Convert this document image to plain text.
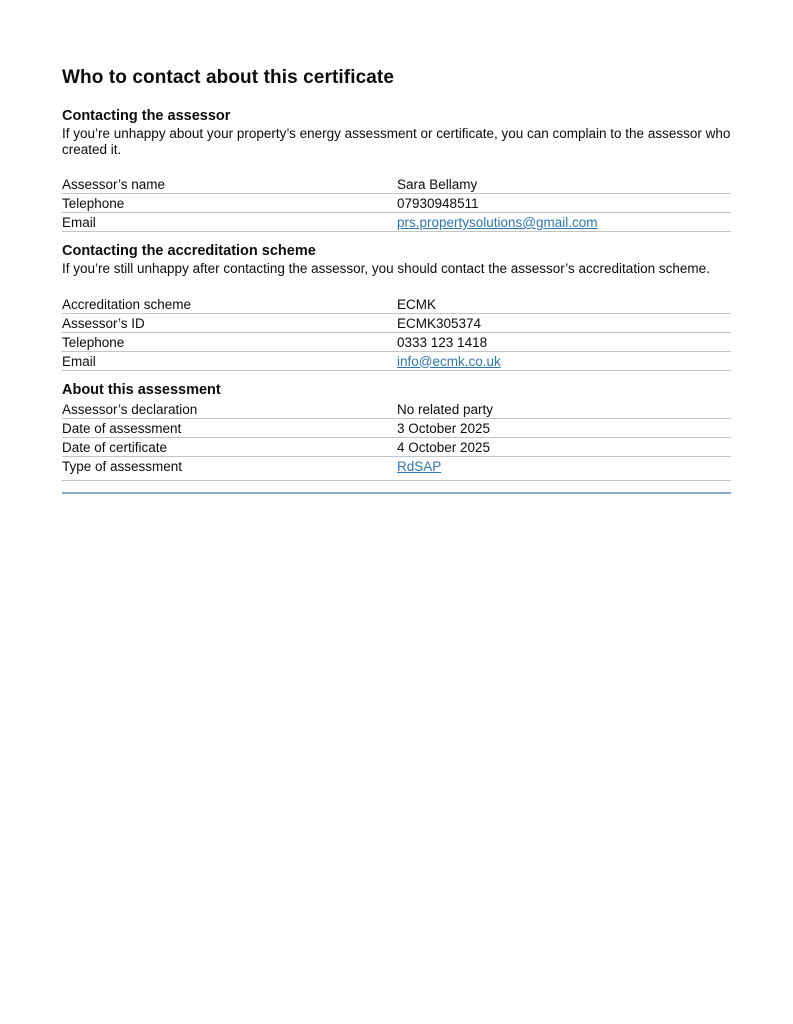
Who to contact about this certificate
Contacting the assessor

If you’re unhappy about your property’s energy assessment or certificate, you can complain to the assessor who created it.

Assessor’s name	Sara Bellamy
Telephone	07930948511
Email	prs.propertysolutions@gmail.com
Contacting the accreditation scheme

If you’re still unhappy after contacting the assessor, you should contact the assessor’s accreditation scheme.

Accreditation scheme	ECMK
Assessor’s ID	ECMK305374
Telephone	0333 123 1418
Email	info@ecmk.co.uk
About this assessment
Assessor’s declaration	No related party
Date of assessment	3 October 2025
Date of certificate	4 October 2025
Type of assessment	RdSAP
